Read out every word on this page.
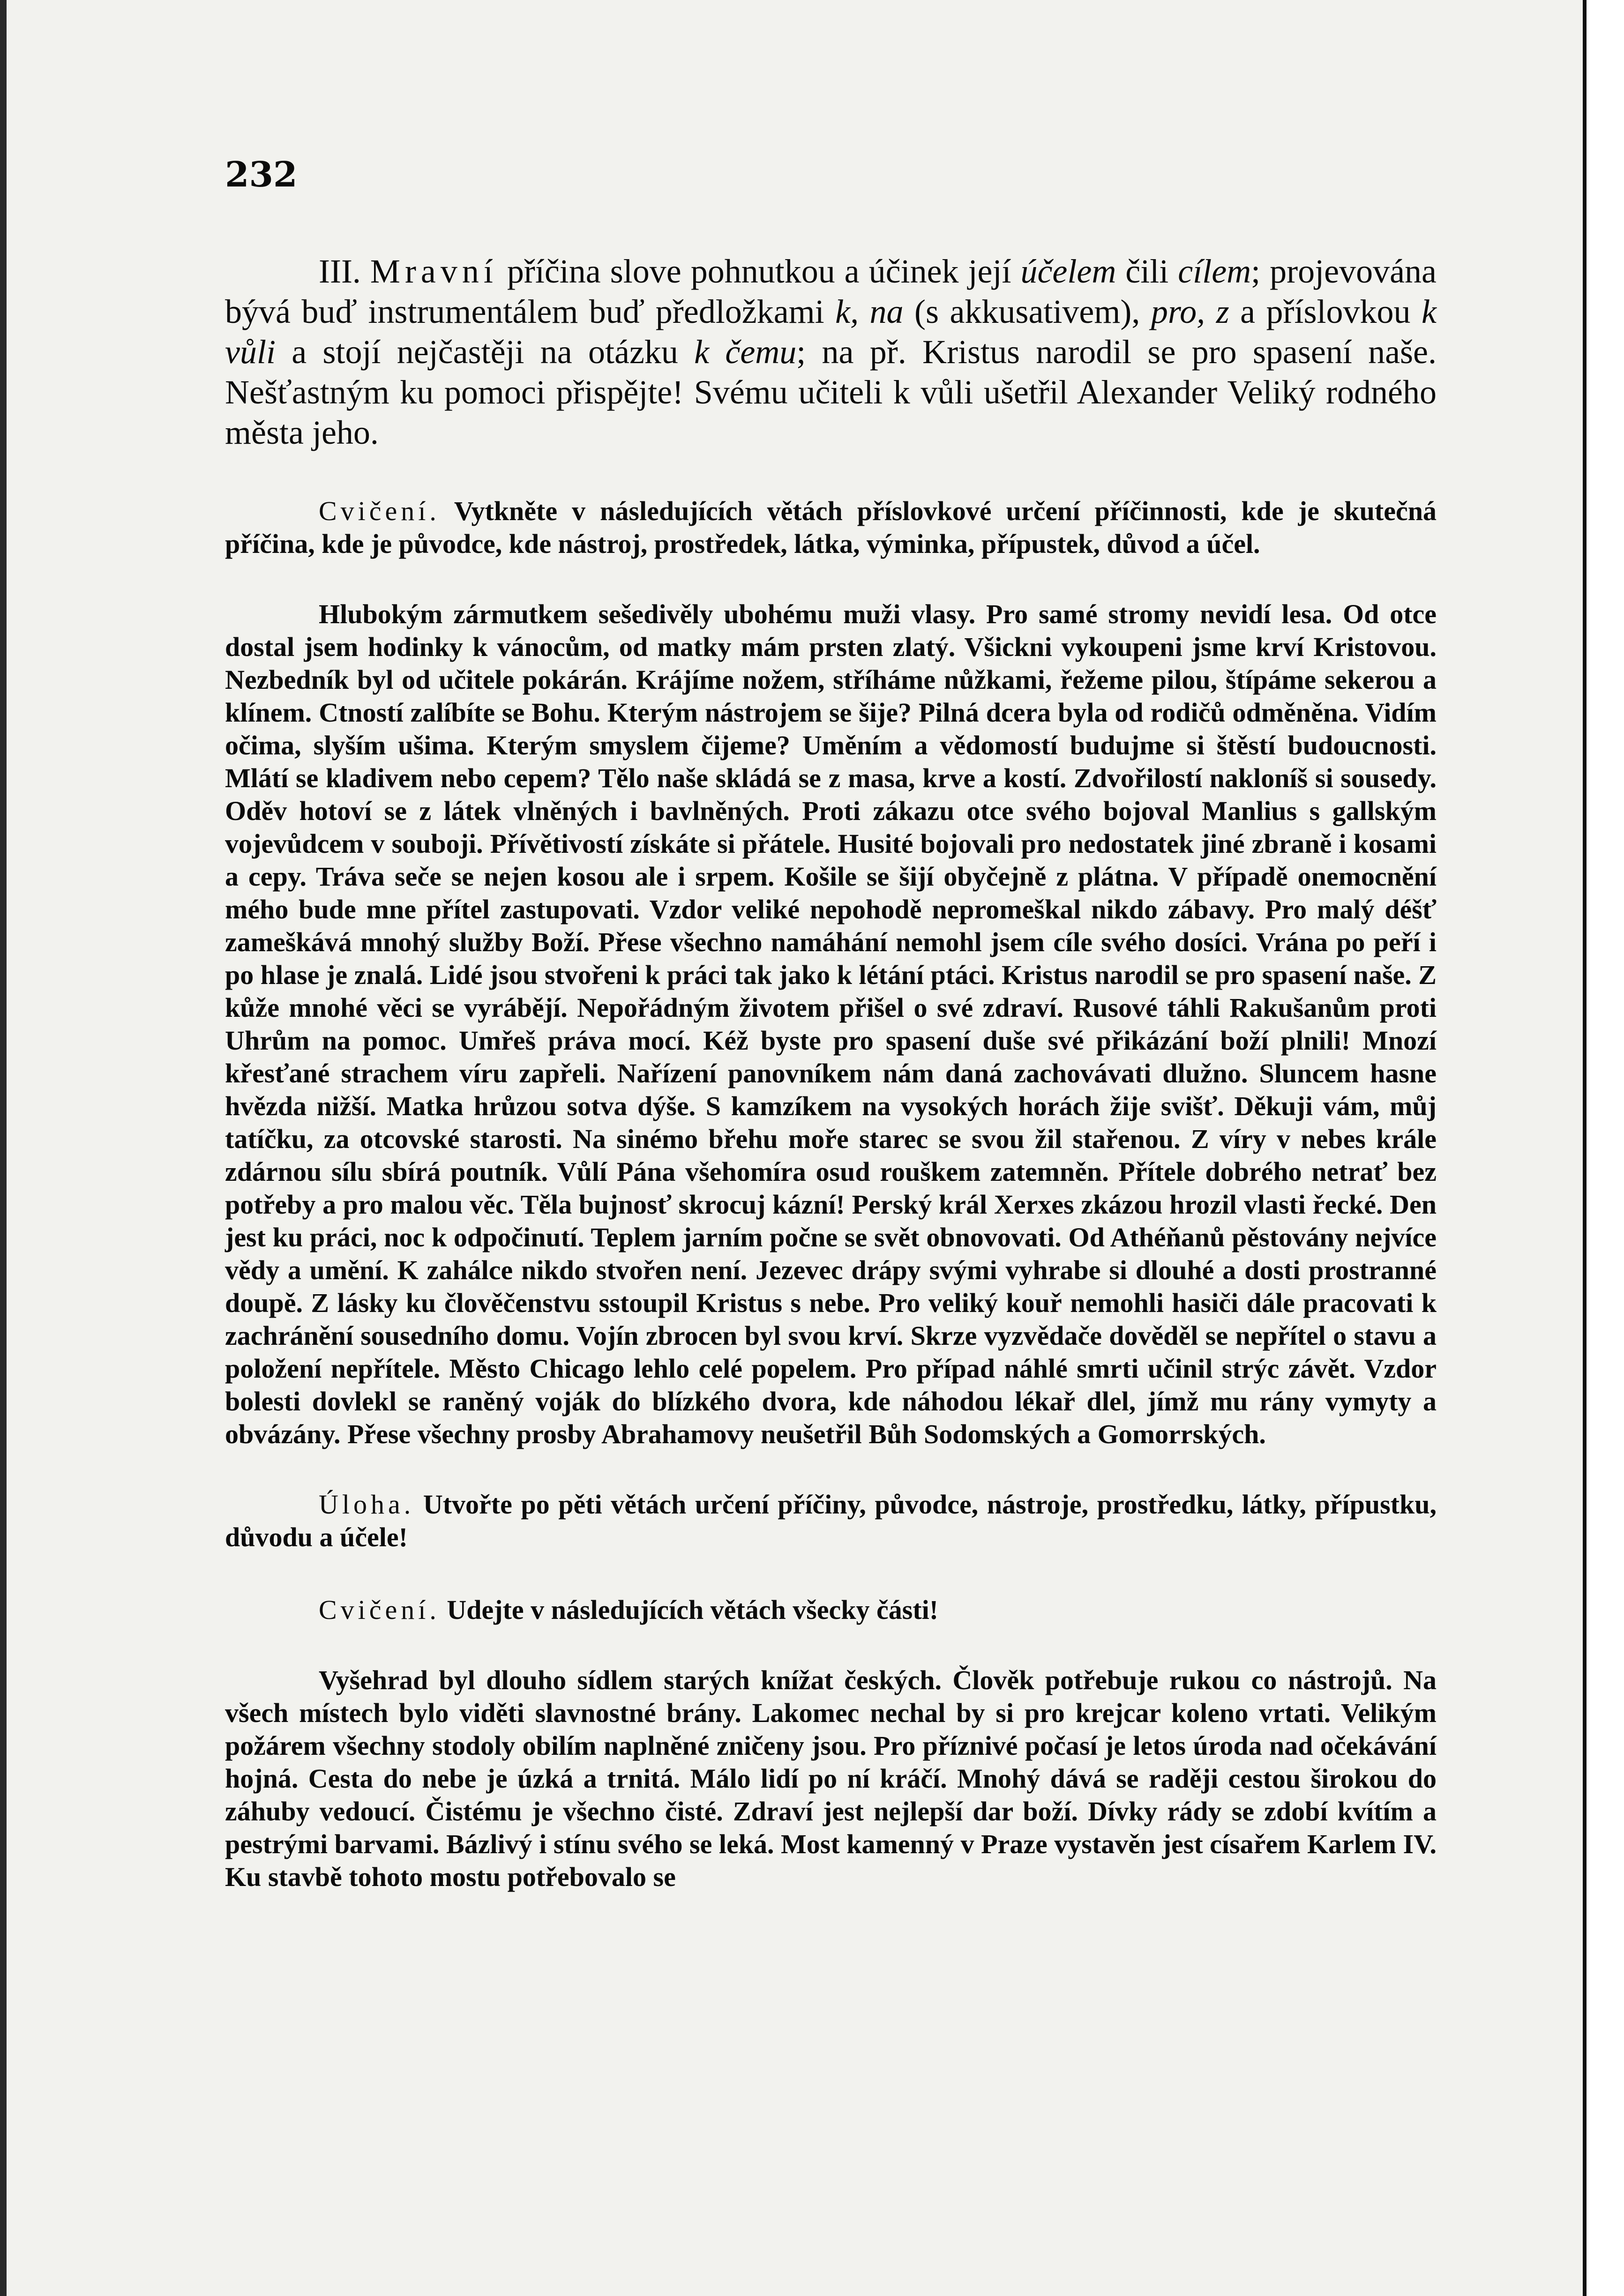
232

III. Mravní příčina slove pohnutkou a účinek její účelem čili cílem; projevována bývá buď instrumentálem buď předložkami k, na (s akkusativem), pro, z a příslovkou k vůli a stojí nejčastěji na otázku k čemu; na př. Kristus narodil se pro spasení naše. Nešťastným ku pomoci přispějte! Svému učiteli k vůli ušetřil Alexander Veliký rodného města jeho.

Cvičení. Vytkněte v následujících větách příslovkové určení příčinnosti, kde je skutečná příčina, kde je původce, kde nástroj, prostředek, látka, výminka, přípustek, důvod a účel.

Hlubokým zármutkem sešedivěly ubohému muži vlasy. Pro samé stromy nevidí lesa. Od otce dostal jsem hodinky k vánocům, od matky mám prsten zlatý. Všickni vykoupeni jsme krví Kristovou. Nezbedník byl od učitele pokárán. Krájíme nožem, stříháme nůžkami, řežeme pilou, štípáme sekerou a klínem. Ctností zalíbíte se Bohu. Kterým nástrojem se šije? Pilná dcera byla od rodičů odměněna. Vidím očima, slyším ušima. Kterým smyslem čijeme? Uměním a vědomostí budujme si štěstí budoucnosti. Mlátí se kladivem nebo cepem? Tělo naše skládá se z masa, krve a kostí. Zdvořilostí nakloníš si sousedy. Oděv hotoví se z látek vlněných i bavlněných. Proti zákazu otce svého bojoval Manlius s gallským vojevůdcem v souboji. Přívětivostí získáte si přátele. Husité bojovali pro nedostatek jiné zbraně i kosami a cepy. Tráva seče se nejen kosou ale i srpem. Košile se šijí obyčejně z plátna. V případě onemocnění mého bude mne přítel zastupovati. Vzdor veliké nepohodě nepromeškal nikdo zábavy. Pro malý déšť zameškává mnohý služby Boží. Přese všechno namáhání nemohl jsem cíle svého dosíci. Vrána po peří i po hlase je znalá. Lidé jsou stvořeni k práci tak jako k létání ptáci. Kristus narodil se pro spasení naše. Z kůže mnohé věci se vyrábějí. Nepořádným životem přišel o své zdraví. Rusové táhli Rakušanům proti Uhrům na pomoc. Umřeš práva mocí. Kéž byste pro spasení duše své přikázání boží plnili! Mnozí křesťané strachem víru zapřeli. Nařízení panovníkem nám daná zachovávati dlužno. Sluncem hasne hvězda nižší. Matka hrůzou sotva dýše. S kamzíkem na vysokých horách žije svišť. Děkuji vám, můj tatíčku, za otcovské starosti. Na sinémo břehu moře starec se svou žil stařenou. Z víry v nebes krále zdárnou sílu sbírá poutník. Vůlí Pána všehomíra osud rouškem zatemněn. Přítele dobrého netrať bez potřeby a pro malou věc. Těla bujnosť skrocuj kázní! Perský král Xerxes zkázou hrozil vlasti řecké. Den jest ku práci, noc k odpočinutí. Teplem jarním počne se svět obnovovati. Od Athéňanů pěstovány nejvíce vědy a umění. K zahálce nikdo stvořen není. Jezevec drápy svými vyhrabe si dlouhé a dosti prostranné doupě. Z lásky ku člověčenstvu sstoupil Kristus s nebe. Pro veliký kouř nemohli hasiči dále pracovati k zachránění sousedního domu. Vojín zbrocen byl svou krví. Skrze vyzvědače dověděl se nepřítel o stavu a položení nepřítele. Město Chicago lehlo celé popelem. Pro případ náhlé smrti učinil strýc závět. Vzdor bolesti dovlekl se raněný voják do blízkého dvora, kde náhodou lékař dlel, jímž mu rány vymyty a obvázány. Přese všechny prosby Abrahamovy neušetřil Bůh Sodomských a Gomorrských.

Úloha. Utvořte po pěti větách určení příčiny, původce, nástroje, prostředku, látky, přípustku, důvodu a účele!

Cvičení. Udejte v následujících větách všecky části!

Vyšehrad byl dlouho sídlem starých knížat českých. Člověk potřebuje rukou co nástrojů. Na všech místech bylo viděti slavnostné brány. Lakomec nechal by si pro krejcar koleno vrtati. Velikým požárem všechny stodoly obilím naplněné zničeny jsou. Pro příznivé počasí je letos úroda nad očekávání hojná. Cesta do nebe je úzká a trnitá. Málo lidí po ní kráčí. Mnohý dává se raději cestou širokou do záhuby vedoucí. Čistému je všechno čisté. Zdraví jest nejlepší dar boží. Dívky rády se zdobí kvítím a pestrými barvami. Bázlivý i stínu svého se leká. Most kamenný v Praze vystavěn jest císařem Karlem IV. Ku stavbě tohoto mostu potřebovalo se
